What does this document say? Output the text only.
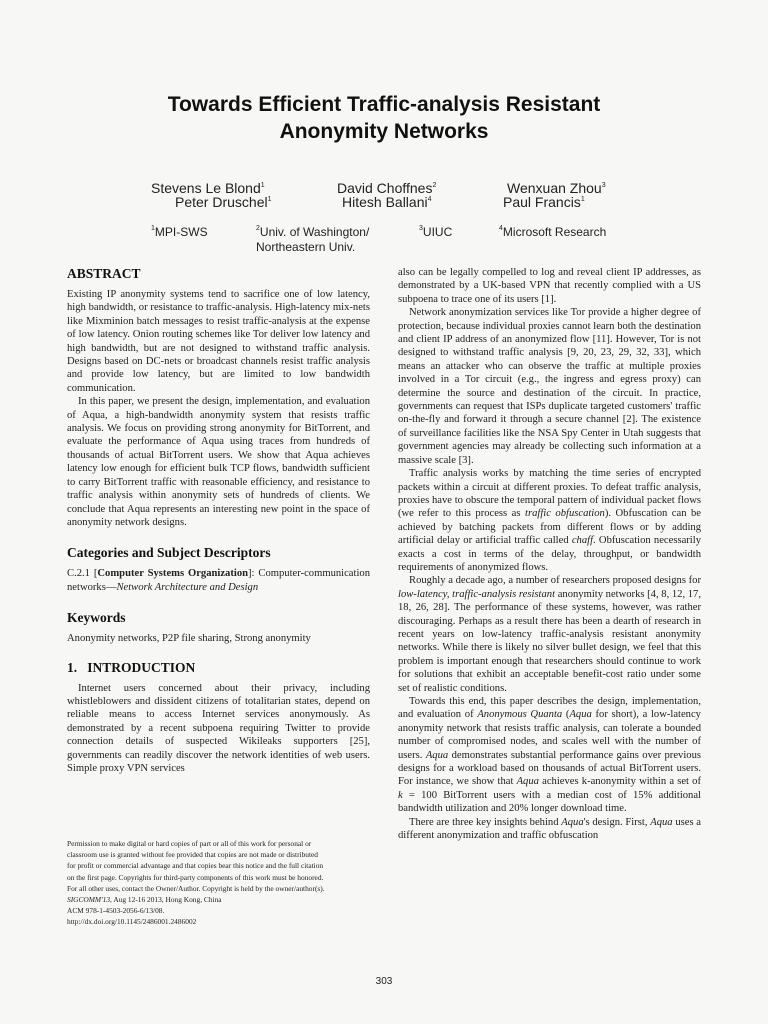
Towards Efficient Traffic-analysis Resistant
Anonymity Networks
Stevens Le Blond$^1$
Peter Druschel$^1$
David Choffnes$^2$
Hitesh Ballani$^4$
Wenxuan Zhou$^3$
Paul Francis$^1$
$^1$MPI-SWS	$^2$Univ. of Washington/
Northeastern Univ.
$^3$UIUC	$^4$Microsoft Research
ABSTRACT

Existing IP anonymity systems tend to sacrifice one of low latency, high bandwidth, or resistance to traffic-analysis. High-latency mix-nets like Mixminion batch messages to resist traffic-analysis at the expense of low latency. Onion routing schemes like Tor deliver low latency and high bandwidth, but are not designed to withstand traffic analysis. Designs based on DC-nets or broadcast channels resist traffic analysis and provide low latency, but are limited to low bandwidth communication.

In this paper, we present the design, implementation, and evaluation of Aqua, a high-bandwidth anonymity system that resists traffic analysis. We focus on providing strong anonymity for BitTorrent, and evaluate the performance of Aqua using traces from hundreds of thousands of actual BitTorrent users. We show that Aqua achieves latency low enough for efficient bulk TCP flows, bandwidth sufficient to carry BitTorrent traffic with reasonable efficiency, and resistance to traffic analysis within anonymity sets of hundreds of clients. We conclude that Aqua represents an interesting new point in the space of anonymity network designs.

Categories and Subject Descriptors

C.2.1 [Computer Systems Organization]: Computer-communication networks—Network Architecture and Design

Keywords

Anonymity networks, P2P file sharing, Strong anonymity

1.   INTRODUCTION

Internet users concerned about their privacy, including whistleblowers and dissident citizens of totalitarian states, depend on reliable means to access Internet services anonymously. As demonstrated by a recent subpoena requiring Twitter to provide connection details of suspected Wikileaks supporters [25], governments can readily discover the network identities of web users. Simple proxy VPN services

Permission to make digital or hard copies of part or all of this work for personal or
classroom use is granted without fee provided that copies are not made or distributed
for profit or commercial advantage and that copies bear this notice and the full citation
on the first page. Copyrights for third-party components of this work must be honored.
For all other uses, contact the Owner/Author. Copyright is held by the owner/author(s).
SIGCOMM'13, Aug 12-16 2013, Hong Kong, China
ACM 978-1-4503-2056-6/13/08.
http://dx.doi.org/10.1145/2486001.2486002

also can be legally compelled to log and reveal client IP addresses, as demonstrated by a UK-based VPN that recently complied with a US subpoena to trace one of its users [1].

Network anonymization services like Tor provide a higher degree of protection, because individual proxies cannot learn both the destination and client IP address of an anonymized flow [11]. However, Tor is not designed to withstand traffic analysis [9, 20, 23, 29, 32, 33], which means an attacker who can observe the traffic at multiple proxies involved in a Tor circuit (e.g., the ingress and egress proxy) can determine the source and destination of the circuit. In practice, governments can request that ISPs duplicate targeted customers' traffic on-the-fly and forward it through a secure channel [2]. The existence of surveillance facilities like the NSA Spy Center in Utah suggests that government agencies may already be collecting such information at a massive scale [3].

Traffic analysis works by matching the time series of encrypted packets within a circuit at different proxies. To defeat traffic analysis, proxies have to obscure the temporal pattern of individual packet flows (we refer to this process as traffic obfuscation). Obfuscation can be achieved by batching packets from different flows or by adding artificial delay or artificial traffic called chaff. Obfuscation necessarily exacts a cost in terms of the delay, throughput, or bandwidth requirements of anonymized flows.

Roughly a decade ago, a number of researchers proposed designs for low-latency, traffic-analysis resistant anonymity networks [4, 8, 12, 17, 18, 26, 28]. The performance of these systems, however, was rather discouraging. Perhaps as a result there has been a dearth of research in recent years on low-latency traffic-analysis resistant anonymity networks. While there is likely no silver bullet design, we feel that this problem is important enough that researchers should continue to work for solutions that exhibit an acceptable benefit-cost ratio under some set of realistic conditions.

Towards this end, this paper describes the design, implementation, and evaluation of Anonymous Quanta (Aqua for short), a low-latency anonymity network that resists traffic analysis, can tolerate a bounded number of compromised nodes, and scales well with the number of users. Aqua demonstrates substantial performance gains over previous designs for a workload based on thousands of actual BitTorrent users. For instance, we show that Aqua achieves k-anonymity within a set of k = 100 BitTorrent users with a median cost of 15% additional bandwidth utilization and 20% longer download time.

There are three key insights behind Aqua's design. First, Aqua uses a different anonymization and traffic obfuscation

303
